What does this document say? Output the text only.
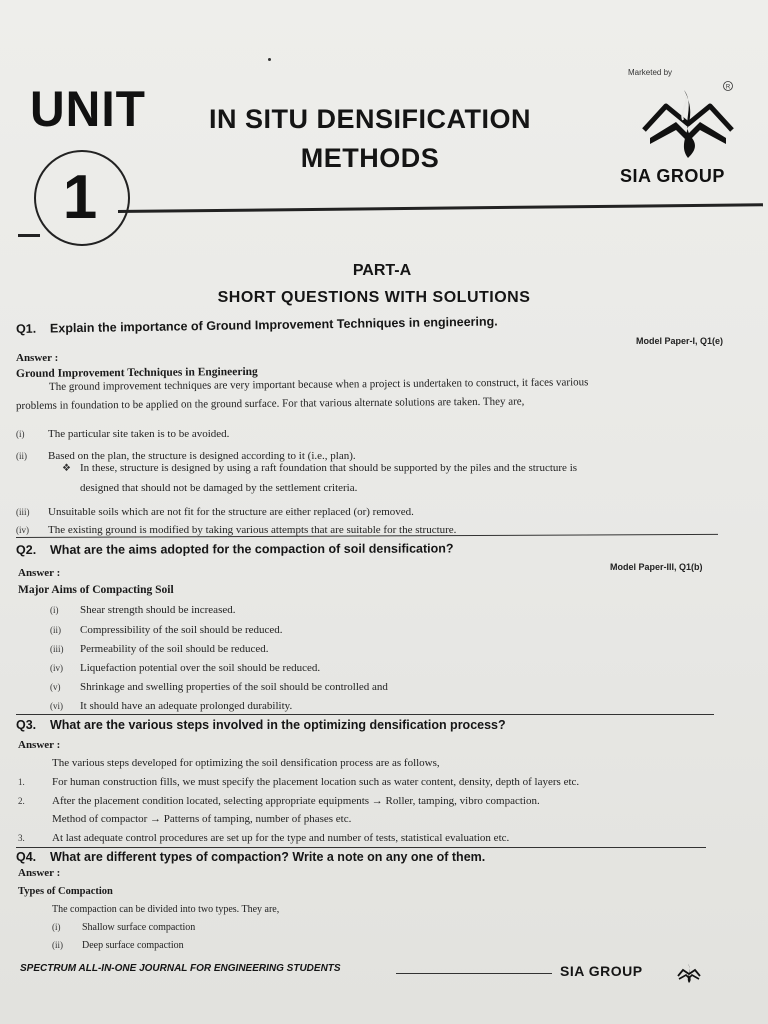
UNIT
1
IN SITU DENSIFICATION
METHODS
Marketed by
R
SIA GROUP
PART-A
SHORT QUESTIONS WITH SOLUTIONS
Q1. Explain the importance of Ground Improvement Techniques in engineering.
Model Paper-I, Q1(e)
Answer :
Ground Improvement Techniques in Engineering
The ground improvement techniques are very important because when a project is undertaken to construct, it faces various
problems in foundation to be applied on the ground surface. For that various alternate solutions are taken. They are,
(i) The particular site taken is to be avoided.
(ii) Based on the plan, the structure is designed according to it (i.e., plan).
❖ In these, structure is designed by using a raft foundation that should be supported by the piles and the structure is
designed that should not be damaged by the settlement criteria.
(iii) Unsuitable soils which are not fit for the structure are either replaced (or) removed.
(iv) The existing ground is modified by taking various attempts that are suitable for the structure.
Q2. What are the aims adopted for the compaction of soil densification?
Model Paper-III, Q1(b)
Answer :
Major Aims of Compacting Soil
(i) Shear strength should be increased.
(ii) Compressibility of the soil should be reduced.
(iii) Permeability of the soil should be reduced.
(iv) Liquefaction potential over the soil should be reduced.
(v) Shrinkage and swelling properties of the soil should be controlled and
(vi) It should have an adequate prolonged durability.
Q3. What are the various steps involved in the optimizing densification process?
Answer :
The various steps developed for optimizing the soil densification process are as follows,
1. For human construction fills, we must specify the placement location such as water content, density, depth of layers etc.
2. After the placement condition located, selecting appropriate equipments → Roller, tamping, vibro compaction.
Method of compactor → Patterns of tamping, number of phases etc.
3. At last adequate control procedures are set up for the type and number of tests, statistical evaluation etc.
Q4. What are different types of compaction? Write a note on any one of them.
Answer :
Types of Compaction
The compaction can be divided into two types. They are,
(i) Shallow surface compaction
(ii) Deep surface compaction
SPECTRUM ALL-IN-ONE JOURNAL FOR ENGINEERING STUDENTS	SIA GROUP
